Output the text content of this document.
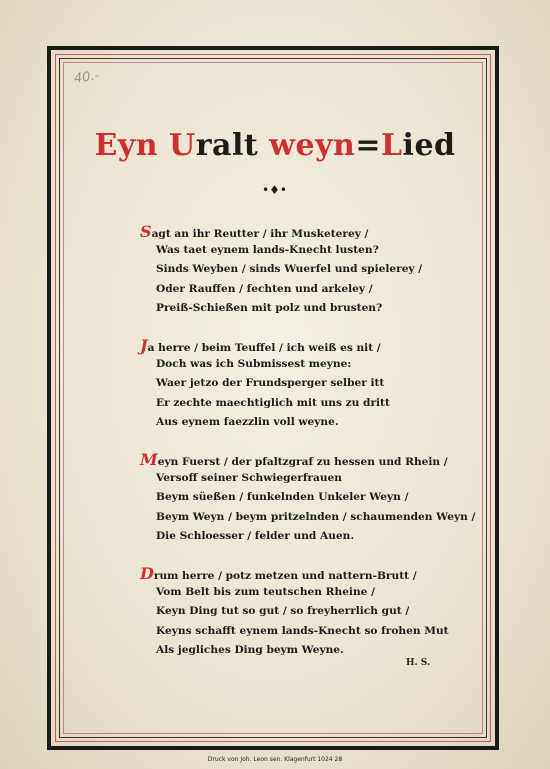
40.-
Eyn Uralt weyn=Lied
•♦•
Sagt an ihr Reutter / ihr Musketerey /
Was taet eynem lands-Knecht lusten?
Sinds Weyben / sinds Wuerfel und spielerey /
Oder Rauffen / fechten und arkeley /
Preiß-Schießen mit polz und brusten?
Ja herre / beim Teuffel / ich weiß es nit /
Doch was ich Submissest meyne:
Waer jetzo der Frundsperger selber itt
Er zechte maechtiglich mit uns zu dritt
Aus eynem faezzlin voll weyne.
Meyn Fuerst / der pfaltzgraf zu hessen und Rhein /
Versoff seiner Schwiegerfrauen
Beym süeßen / funkelnden Unkeler Weyn /
Beym Weyn / beym pritzelnden / schaumenden Weyn /
Die Schloesser / felder und Auen.
Drum herre / potz metzen und nattern-Brutt /
Vom Belt bis zum teutschen Rheine /
Keyn Ding tut so gut / so freyherrlich gut /
Keyns schafft eynem lands-Knecht so frohen Mut
Als jegliches Ding beym Weyne.
H. S.
Druck von Joh. Leon sen. Klagenfurt 1024 28
